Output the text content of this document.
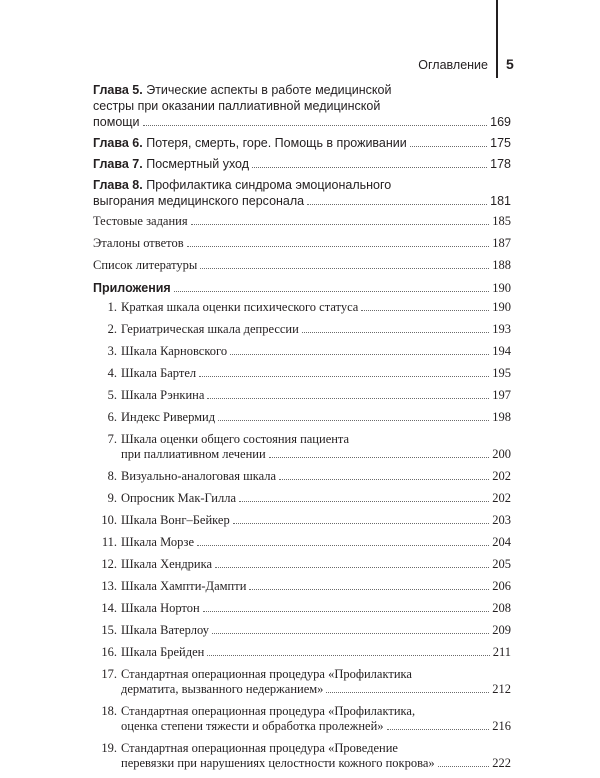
Оглавление 5
Глава 5. Этические аспекты в работе медицинской
сестры при оказании паллиативной медицинской
помощи	169
Глава 6. Потеря, смерть, горе. Помощь в проживании	175
Глава 7. Посмертный уход	178
Глава 8. Профилактика синдрома эмоционального
выгорания медицинского персонала	181
Тестовые задания	185
Эталоны ответов	187
Список литературы	188
Приложения	190
1. Краткая шкала оценки психического статуса	190
2. Гериатрическая шкала депрессии	193
3. Шкала Карновского	194
4. Шкала Бартел	195
5. Шкала Рэнкина	197
6. Индекс Ривермид	198
7. Шкала оценки общего состояния пациента
при паллиативном лечении	200
8. Визуально-аналоговая шкала	202
9. Опросник Мак-Гилла	202
10. Шкала Вонг–Бейкер	203
11. Шкала Морзе	204
12. Шкала Хендрика	205
13. Шкала Хампти-Дампти	206
14. Шкала Нортон	208
15. Шкала Ватерлоу	209
16. Шкала Брейден	211
17. Стандартная операционная процедура «Профилактика
дерматита, вызванного недержанием»	212
18. Стандартная операционная процедура «Профилактика,
оценка степени тяжести и обработка пролежней»	216
19. Стандартная операционная процедура «Проведение
перевязки при нарушениях целостности кожного покрова»	222
